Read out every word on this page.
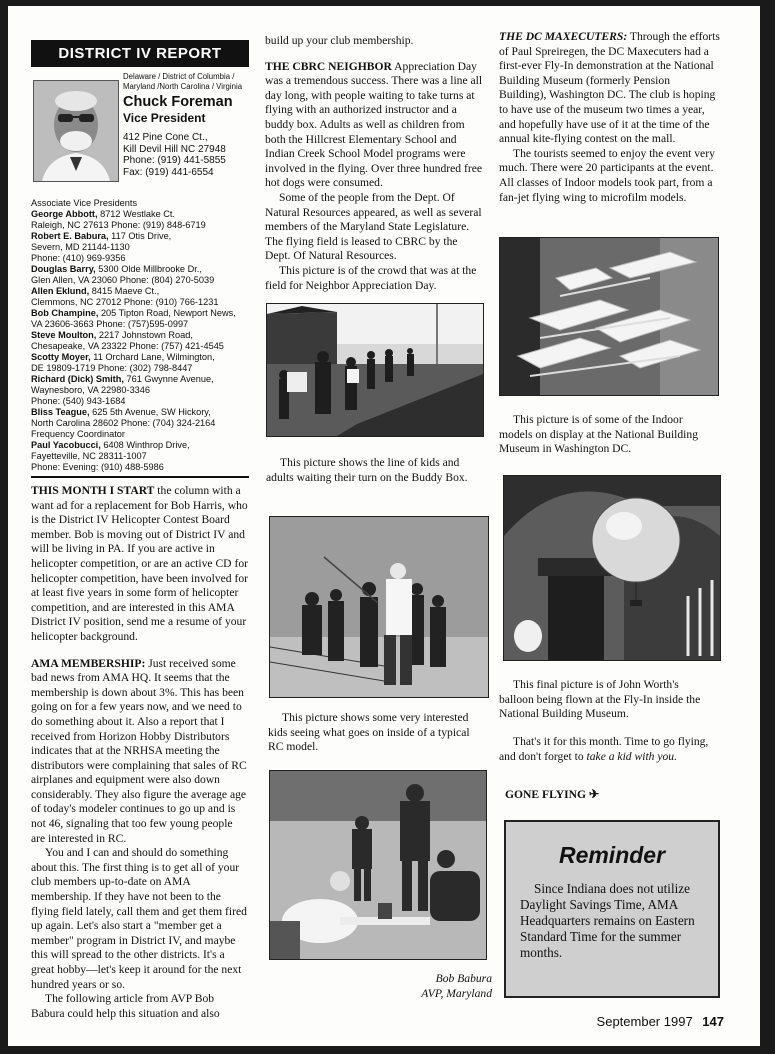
DISTRICT IV REPORT
Delaware / District of Columbia /
Maryland /North Carolina / Virginia
Chuck Foreman
Vice President
412 Pine Cone Ct.,
Kill Devil Hill NC 27948
Phone: (919) 441-5855
Fax: (919) 441-6554
Associate Vice Presidents
George Abbott, 8712 Westlake Ct.
Raleigh, NC 27613 Phone: (919) 848-6719
Robert E. Babura, 117 Otis Drive,
Severn, MD 21144-1130
Phone: (410) 969-9356
Douglas Barry, 5300 Olde Millbrooke Dr.,
Glen Allen, VA 23060 Phone: (804) 270-5039
Allen Eklund, 8415 Maeve Ct.,
Clemmons, NC 27012 Phone: (910) 766-1231
Bob Champine, 205 Tipton Road, Newport News,
VA 23606-3663 Phone: (757)595-0997
Steve Moulton, 2217 Johnstown Road,
Chesapeake, VA 23322 Phone: (757) 421-4545
Scotty Moyer, 11 Orchard Lane, Wilmington,
DE 19809-1719 Phone: (302) 798-8447
Richard (Dick) Smith, 761 Gwynne Avenue,
Waynesboro, VA 22980-3346
Phone: (540) 943-1684
Bliss Teague, 625 5th Avenue, SW Hickory,
North Carolina 28602 Phone: (704) 324-2164
Frequency Coordinator
Paul Yacobucci, 6408 Winthrop Drive,
Fayetteville, NC 28311-1007
Phone: Evening: (910) 488-5986

THIS MONTH I START the column with a want ad for a replacement for Bob Harris, who is the District IV Helicopter Contest Board member. Bob is moving out of District IV and will be living in PA. If you are active in helicopter competition, or are an active CD for helicopter competition, have been involved for at least five years in some form of helicopter competition, and are interested in this AMA District IV position, send me a resume of your helicopter background.

AMA MEMBERSHIP: Just received some bad news from AMA HQ. It seems that the membership is down about 3%. This has been going on for a few years now, and we need to do something about it. Also a report that I received from Horizon Hobby Distributors indicates that at the NRHSA meeting the distributors were complaining that sales of RC airplanes and equipment were also down considerably. They also figure the average age of today's modeler continues to go up and is not 46, signaling that too few young people are interested in RC.

You and I can and should do something about this. The first thing is to get all of your club members up-to-date on AMA membership. If they have not been to the flying field lately, call them and get them fired up again. Let's also start a "member get a member" program in District IV, and maybe this will spread to the other districts. It's a great hobby—let's keep it around for the next hundred years or so.

The following article from AVP Bob Babura could help this situation and also

build up your club membership.

THE CBRC NEIGHBOR Appreciation Day was a tremendous success. There was a line all day long, with people waiting to take turns at flying with an authorized instructor and a buddy box. Adults as well as children from both the Hillcrest Elementary School and Indian Creek School Model programs were involved in the flying. Over three hundred free hot dogs were consumed.

Some of the people from the Dept. Of Natural Resources appeared, as well as several members of the Maryland State Legislature. The flying field is leased to CBRC by the Dept. Of Natural Resources.

This picture is of the crowd that was at the field for Neighbor Appreciation Day.

This picture shows the line of kids and adults waiting their turn on the Buddy Box.
This picture shows some very interested kids seeing what goes on inside of a typical RC model.
Bob Babura
AVP, Maryland

THE DC MAXECUTERS: Through the efforts of Paul Spreiregen, the DC Maxecuters had a first-ever Fly-In demonstration at the National Building Museum (formerly Pension Building), Washington DC. The club is hoping to have use of the museum two times a year, and hopefully have use of it at the time of the annual kite-flying contest on the mall.

The tourists seemed to enjoy the event very much. There were 20 participants at the event. All classes of Indoor models took part, from a fan-jet flying wing to microfilm models.

This picture is of some of the Indoor models on display at the National Building Museum in Washington DC.
This final picture is of John Worth's balloon being flown at the Fly-In inside the National Building Museum.
That's it for this month. Time to go flying, and don't forget to take a kid with you.
GONE FLYING ✈
Reminder
Since Indiana does not utilize Daylight Savings Time, AMA Headquarters remains on Eastern Standard Time for the summer months.
September 1997 147
